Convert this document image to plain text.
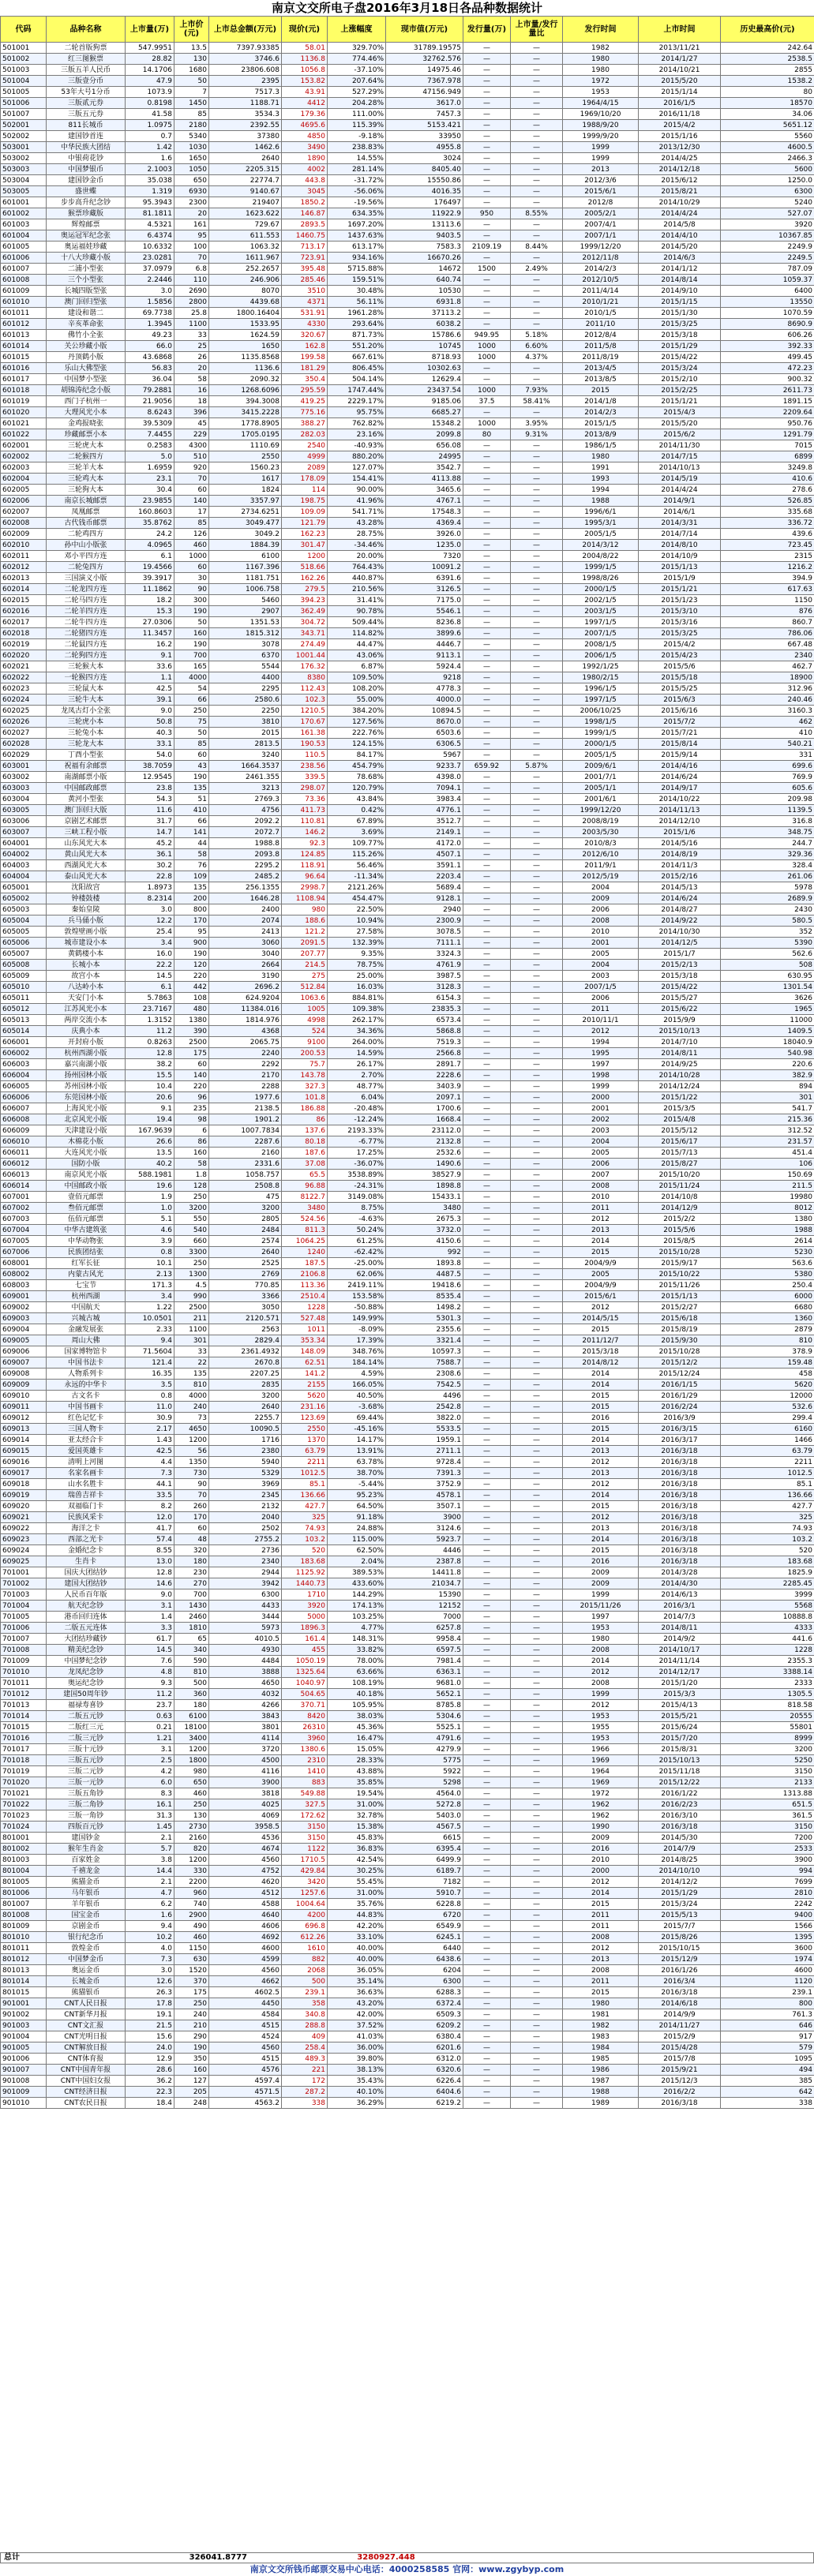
南京文交所电子盘2016年3月18日各品种数据统计
代码	品种名称	上市量(万)	上市价(元)	上市总金额(万元)	现价(元)	上涨幅度	现市值(万元)	发行量(万)	上市量/发行量比	发行时间	上市时间	历史最高价(元)
501001	二轮首版狗票	547.9951	13.5	7397.93385	58.01	329.70%	31789.19575	—	—	1982	2013/11/21	242.64
501002	红三图猴票	28.82	130	3746.6	1136.8	774.46%	32762.576	—	—	1980	2014/1/27	2538.5
501003	三版五羊人民币	14.1706	1680	23806.608	1056.8	-37.10%	14975.46	—	—	1980	2014/10/21	2855
501004	三版壹分币	47.9	50	2395	153.82	207.64%	7367.978	—	—	1972	2015/5/20	1538.2
501005	53年大号1分币	1073.9	7	7517.3	43.91	527.29%	47156.949	—	—	1953	2015/1/14	80
501006	三版贰元券	0.8198	1450	1188.71	4412	204.28%	3617.0	—	—	1964/4/15	2016/1/5	18570
501007	三版五元券	41.58	85	3534.3	179.36	111.00%	7457.3	—	—	1969/10/20	2016/11/18	34.06
502001	811长城币	1.0975	2180	2392.55	4695.6	115.39%	5153.421	—	—	1988/9/20	2015/4/2	5651.12
502002	建国钞首连	0.7	5340	37380	4850	-9.18%	33950	—	—	1999/9/20	2015/1/16	5560
503001	中华民族大团结	1.42	1030	1462.6	3490	238.83%	4955.8	—	—	1999	2013/12/30	4600.5
503002	中银荷花钞	1.6	1650	2640	1890	14.55%	3024	—	—	1999	2014/4/25	2466.3
503003	中国梦银币	2.1003	1050	2205.315	4002	281.14%	8405.40	—	—	2013	2014/12/18	5600
503004	建国钞金币	35.038	650	22774.7	443.8	-31.72%	15550.86	—	—	2012/3/6	2015/6/12	1250.0
503005	盛世蝶	1.319	6930	9140.67	3045	-56.06%	4016.35	—	—	2015/6/1	2015/8/21	6300
601001	步步高升纪念钞	95.3943	2300	219407	1850.2	-19.56%	176497	—	—	2012/8	2014/10/29	5240
601002	猴票珍藏版	81.1811	20	1623.622	146.87	634.35%	11922.9	950	8.55%	2005/2/1	2014/4/24	527.07
601003	辉煌邮票	4.5321	161	729.67	2893.5	1697.20%	13113.6	—	—	2007/4/1	2014/5/8	3920
601004	奥运冠军纪念张	6.4374	95	611.553	1460.75	1437.63%	9403.5	—	—	2007/1/1	2014/4/10	10367.85
601005	奥运福娃珍藏	10.6332	100	1063.32	713.17	613.17%	7583.3	2109.19	8.44%	1999/12/20	2014/5/20	2249.9
601006	十八大珍藏小版	23.0281	70	1611.967	723.91	934.16%	16670.26	—	—	2012/11/8	2014/6/3	2249.5
601007	二浦小型张	37.0979	6.8	252.2657	395.48	5715.88%	14672	1500	2.49%	2014/2/3	2014/1/12	787.09
601008	三个小型张	2.2446	110	246.906	285.46	159.51%	640.74	—	—	2012/10/5	2014/8/14	1059.37
601009	长城四版型张	3.0	2690	8070	3510	30.48%	10530	—	—	2011/4/14	2014/9/10	6400
601010	澳门回归型张	1.5856	2800	4439.68	4371	56.11%	6931.8	—	—	2010/1/21	2015/1/15	13550
601011	建设和谐二	69.7738	25.8	1800.16404	531.91	1961.28%	37113.2	—	—	2010/1/5	2015/1/30	1070.59
601012	辛亥革命张	1.3945	1100	1533.95	4330	293.64%	6038.2	—	—	2011/10	2015/3/25	8690.9
601013	佛竹小全张	49.23	33	1624.59	320.67	871.73%	15786.6	949.95	5.18%	2012/8/4	2015/3/18	606.26
601014	关公珍藏小版	66.0	25	1650	162.8	551.20%	10745	1000	6.60%	2011/5/8	2015/1/29	392.33
601015	丹顶鹤小版	43.6868	26	1135.8568	199.58	667.61%	8718.93	1000	4.37%	2011/8/19	2015/4/22	499.45
601016	乐山大佛型张	56.83	20	1136.6	181.29	806.45%	10302.63	—	—	2013/4/5	2015/3/24	472.23
601017	中国梦小型张	36.04	58	2090.32	350.4	504.14%	12629.4	—	—	2013/8/5	2015/2/10	900.32
601018	胡锦涛纪念小版	79.2881	16	1268.6096	295.59	1747.44%	23437.54	1000	7.93%	2015	2015/2/25	2611.73
601019	西门子杭州一	21.9056	18	394.3008	419.25	2229.17%	9185.06	37.5	58.41%	2014/1/8	2015/1/21	1891.15
601020	大理风光小本	8.6243	396	3415.2228	775.16	95.75%	6685.27	—	—	2014/2/3	2015/4/3	2209.64
601021	金鸡报晓张	39.5309	45	1778.8905	388.27	762.82%	15348.2	1000	3.95%	2015/1/5	2015/5/20	950.76
601022	珍藏邮票小本	7.4455	229	1705.0195	282.03	23.16%	2099.8	80	9.31%	2013/8/9	2015/6/2	1291.79
602001	三轮虎大本	0.2583	4300	1110.69	2540	-40.93%	656.08	—	—	1986/1/5	2014/11/30	7015
602002	二轮猴四方	5.0	510	2550	4999	880.20%	24995	—	—	1980	2014/7/15	6899
602003	三轮羊大本	1.6959	920	1560.23	2089	127.07%	3542.7	—	—	1991	2014/10/13	3249.8
602004	三轮鸡大本	23.1	70	1617	178.09	154.41%	4113.88	—	—	1993	2014/5/19	410.6
602005	三轮狗大本	30.4	60	1824	114	90.00%	3465.6	—	—	1994	2014/4/24	278.6
602006	南京长城邮票	23.9855	140	3357.97	198.75	41.96%	4767.1	—	—	1988	2014/9/1	526.85
602007	凤凰邮票	160.8603	17	2734.6251	109.09	541.71%	17548.3	—	—	1996/6/1	2014/6/1	335.68
602008	古代钱币邮票	35.8762	85	3049.477	121.79	43.28%	4369.4	—	—	1995/3/1	2014/3/31	336.72
602009	二轮鸡四方	24.2	126	3049.2	162.23	28.75%	3926.0	—	—	2005/1/5	2014/7/14	439.6
602010	孙中山小版张	4.0965	460	1884.39	301.47	-34.46%	1235.0	—	—	2014/3/12	2014/8/10	723.45
602011	邓小平四方连	6.1	1000	6100	1200	20.00%	7320	—	—	2004/8/22	2014/10/9	2315
602012	二轮兔四方	19.4566	60	1167.396	518.66	764.43%	10091.2	—	—	1999/1/5	2015/1/13	1216.2
602013	三国演义小版	39.3917	30	1181.751	162.26	440.87%	6391.6	—	—	1998/8/26	2015/1/9	394.9
602014	二轮龙四方连	11.1862	90	1006.758	279.5	210.56%	3126.5	—	—	2000/1/5	2015/1/21	617.63
602015	二轮马四方连	18.2	300	5460	394.23	31.41%	7175.0	—	—	2002/1/5	2015/1/23	1150
602016	二轮羊四方连	15.3	190	2907	362.49	90.78%	5546.1	—	—	2003/1/5	2015/3/10	876
602017	二轮牛四方连	27.0306	50	1351.53	304.72	509.44%	8236.8	—	—	1997/1/5	2015/3/16	860.7
602018	二轮猪四方连	11.3457	160	1815.312	343.71	114.82%	3899.6	—	—	2007/1/5	2015/3/25	786.06
602019	二轮鼠四方连	16.2	190	3078	274.49	44.47%	4446.7	—	—	2008/1/5	2015/4/2	667.48
602020	二轮狗四方连	9.1	700	6370	1001.44	43.06%	9113.1	—	—	2006/1/5	2015/4/23	2340
602021	三轮猴大本	33.6	165	5544	176.32	6.87%	5924.4	—	—	1992/1/25	2015/5/6	462.7
602022	一轮猴四方连	1.1	4000	4400	8380	109.50%	9218	—	—	1980/2/15	2015/5/18	18900
602023	三轮鼠大本	42.5	54	2295	112.43	108.20%	4778.3	—	—	1996/1/5	2015/5/25	312.96
602024	三轮牛大本	39.1	66	2580.6	102.3	55.00%	4000.0	—	—	1997/1/5	2015/6/3	240.46
602025	龙凤古灯小全张	9.0	250	2250	1210.5	384.20%	10894.5	—	—	2006/10/25	2015/6/16	3160.3
602026	三轮虎小本	50.8	75	3810	170.67	127.56%	8670.0	—	—	1998/1/5	2015/7/2	462
602027	三轮兔小本	40.3	50	2015	161.38	222.76%	6503.6	—	—	1999/1/5	2015/7/21	410
602028	三轮龙大本	33.1	85	2813.5	190.53	124.15%	6306.5	—	—	2000/1/5	2015/8/14	540.21
602029	丁酉小型张	54.0	60	3240	110.5	84.17%	5967	—	—	2005/1/5	2015/9/14	331
603001	祝福有余邮票	38.7059	43	1664.3537	238.56	454.79%	9233.7	659.92	5.87%	2009/6/1	2014/4/16	699.6
603002	南湖邮票小版	12.9545	190	2461.355	339.5	78.68%	4398.0	—	—	2001/7/1	2014/6/24	769.9
603003	中国邮政邮票	23.8	135	3213	298.07	120.79%	7094.1	—	—	2005/1/1	2014/9/17	605.6
603004	黄河小型张	54.3	51	2769.3	73.36	43.84%	3983.4	—	—	2001/6/1	2014/10/22	209.98
603005	澳门回归大版	11.6	410	4756	411.73	0.42%	4776.1	—	—	1999/12/20	2014/11/13	1139.5
603006	京剧艺术邮票	31.7	66	2092.2	110.81	67.89%	3512.7	—	—	2008/8/19	2014/12/10	316.8
603007	三峡工程小版	14.7	141	2072.7	146.2	3.69%	2149.1	—	—	2003/5/30	2015/1/6	348.75
604001	山东风光大本	45.2	44	1988.8	92.3	109.77%	4172.0	—	—	2010/8/3	2014/5/16	244.7
604002	黄山风光大本	36.1	58	2093.8	124.85	115.26%	4507.1	—	—	2012/6/10	2014/8/19	329.36
604003	西湖风光大本	30.2	76	2295.2	118.91	56.46%	3591.1	—	—	2011/9/1	2014/11/3	328.4
604004	泰山风光大本	22.8	109	2485.2	96.64	-11.34%	2203.4	—	—	2012/5/19	2015/2/16	261.06
605001	沈阳故宫	1.8973	135	256.1355	2998.7	2121.26%	5689.4	—	—	2004	2014/5/13	5978
605002	钟楼鼓楼	8.2314	200	1646.28	1108.94	454.47%	9128.1	—	—	2009	2014/6/24	2689.9
605003	秦始皇陵	3.0	800	2400	980	22.50%	2940	—	—	2006	2014/8/27	2430
605004	兵马俑小版	12.2	170	2074	188.6	10.94%	2300.9	—	—	2008	2014/9/22	580.5
605005	敦煌壁画小版	25.4	95	2413	121.2	27.58%	3078.5	—	—	2010	2014/10/30	352
605006	城市建设小本	3.4	900	3060	2091.5	132.39%	7111.1	—	—	2001	2014/12/5	5390
605007	黄鹤楼小本	16.0	190	3040	207.77	9.35%	3324.3	—	—	2005	2015/1/7	562.6
605008	长城小本	22.2	120	2664	214.5	78.75%	4761.9	—	—	2004	2015/2/13	508
605009	故宫小本	14.5	220	3190	275	25.00%	3987.5	—	—	2003	2015/3/18	630.95
605010	八达岭小本	6.1	442	2696.2	512.84	16.03%	3128.3	—	—	2007/1/5	2015/4/22	1301.54
605011	天安门小本	5.7863	108	624.9204	1063.6	884.81%	6154.3	—	—	2006	2015/5/27	3626
605012	江苏风光小本	23.7167	480	11384.016	1005	109.38%	23835.3	—	—	2011	2015/6/22	1965
605013	两岸交流小本	1.3152	1380	1814.976	4998	262.17%	6573.4	—	—	2010/11/1	2015/9/9	11000
605014	庆典小本	11.2	390	4368	524	34.36%	5868.8	—	—	2012	2015/10/13	1409.5
606001	开封府小版	0.8263	2500	2065.75	9100	264.00%	7519.3	—	—	1994	2014/7/10	18040.9
606002	杭州西湖小版	12.8	175	2240	200.53	14.59%	2566.8	—	—	1995	2014/8/11	540.98
606003	嘉兴南湖小版	38.2	60	2292	75.7	26.17%	2891.7	—	—	1997	2014/9/25	220.6
606004	扬州园林小版	15.5	140	2170	143.78	2.70%	2228.6	—	—	1998	2014/10/28	382.9
606005	苏州园林小版	10.4	220	2288	327.3	48.77%	3403.9	—	—	1999	2014/12/24	894
606006	东莞园林小版	20.6	96	1977.6	101.8	6.04%	2097.1	—	—	2000	2015/1/22	301
606007	上海风光小版	9.1	235	2138.5	186.88	-20.48%	1700.6	—	—	2001	2015/3/5	541.7
606008	北京风光小版	19.4	98	1901.2	86	-12.24%	1668.4	—	—	2002	2015/4/8	215.36
606009	天津建设小版	167.9639	6	1007.7834	137.6	2193.33%	23112.0	—	—	2003	2015/5/12	312.52
606010	木棉花小版	26.6	86	2287.6	80.18	-6.77%	2132.8	—	—	2004	2015/6/17	231.57
606011	大连风光小版	13.5	160	2160	187.6	17.25%	2532.6	—	—	2005	2015/7/13	451.4
606012	国防小版	40.2	58	2331.6	37.08	-36.07%	1490.6	—	—	2006	2015/8/27	106
606013	南京风光小版	588.1981	1.8	1058.757	65.5	3538.89%	38527.9	—	—	2007	2015/10/20	150.69
606014	中国邮政小版	19.6	128	2508.8	96.88	-24.31%	1898.8	—	—	2008	2015/11/24	211.5
607001	壹佰元邮票	1.9	250	475	8122.7	3149.08%	15433.1	—	—	2010	2014/10/8	19980
607002	叁佰元邮票	1.0	3200	3200	3480	8.75%	3480	—	—	2011	2014/12/9	8012
607003	伍佰元邮票	5.1	550	2805	524.56	-4.63%	2675.3	—	—	2012	2015/2/2	1380
607004	中华古建筑张	4.6	540	2484	811.3	50.24%	3732.0	—	—	2013	2015/5/6	1988
607005	中华动物张	3.9	660	2574	1064.25	61.25%	4150.6	—	—	2014	2015/8/5	2614
607006	民族团结张	0.8	3300	2640	1240	-62.42%	992	—	—	2015	2015/10/28	5230
608001	红军长征	10.1	250	2525	187.5	-25.00%	1893.8	—	—	2004/9/9	2015/9/17	563.6
608002	内蒙古风光	2.13	1300	2769	2106.8	62.06%	4487.5	—	—	2005	2015/10/22	5380
608003	七宝节	171.3	4.5	770.85	113.36	2419.11%	19418.6	—	—	2004/9/9	2015/11/26	250.4
609001	杭州西湖	3.4	990	3366	2510.4	153.58%	8535.4	—	—	2015/6/1	2015/1/13	6000
609002	中国航天	1.22	2500	3050	1228	-50.88%	1498.2	—	—	2012	2015/2/27	6680
609003	兴城古城	10.0501	211	2120.571	527.48	149.99%	5301.3	—	—	2014/5/15	2015/6/18	1360
609004	金融发展张	2.33	1100	2563	1011	-8.09%	2355.6	—	—	2015	2015/8/19	2879
609005	周山大佛	9.4	301	2829.4	353.34	17.39%	3321.4	—	—	2011/12/7	2015/9/30	810
609006	国家博物馆卡	71.5604	33	2361.4932	148.09	348.76%	10597.3	—	—	2015/3/18	2015/10/28	378.9
609007	中国书法卡	121.4	22	2670.8	62.51	184.14%	7588.7	—	—	2014/8/12	2015/12/2	159.48
609008	人物系列卡	16.35	135	2207.25	141.2	4.59%	2308.6	—	—	2014	2015/12/24	458
609009	永远的中华卡	3.5	810	2835	2155	166.05%	7542.5	—	—	2014	2016/1/15	5620
609010	古文名卡	0.8	4000	3200	5620	40.50%	4496	—	—	2015	2016/1/29	12000
609011	中国书画卡	11.0	240	2640	231.16	-3.68%	2542.8	—	—	2015	2016/2/24	532.6
609012	红色记忆卡	30.9	73	2255.7	123.69	69.44%	3822.0	—	—	2016	2016/3/9	299.4
609013	三国人物卡	2.17	4650	10090.5	2550	-45.16%	5533.5	—	—	2015	2016/3/15	6160
609014	亚太经合卡	1.43	1200	1716	1370	14.17%	1959.1	—	—	2014	2016/3/17	1466
609015	爱国英雄卡	42.5	56	2380	63.79	13.91%	2711.1	—	—	2013	2016/3/18	63.79
609016	清明上河图	4.4	1350	5940	2211	63.78%	9728.4	—	—	2012	2016/3/18	2211
609017	名家名画卡	7.3	730	5329	1012.5	38.70%	7391.3	—	—	2013	2016/3/18	1012.5
609018	山水名胜卡	44.1	90	3969	85.1	-5.44%	3752.9	—	—	2012	2016/3/18	85.1
609019	瑞兽吉祥卡	33.5	70	2345	136.66	95.23%	4578.1	—	—	2014	2016/3/18	136.66
609020	双福临门卡	8.2	260	2132	427.7	64.50%	3507.1	—	—	2015	2016/3/18	427.7
609021	民族风采卡	12.0	170	2040	325	91.18%	3900	—	—	2012	2016/3/18	325
609022	海洋之卡	41.7	60	2502	74.93	24.88%	3124.6	—	—	2013	2016/3/18	74.93
609023	西部之光卡	57.4	48	2755.2	103.2	115.00%	5923.7	—	—	2014	2016/3/18	103.2
609024	金婚纪念卡	8.55	320	2736	520	62.50%	4446	—	—	2015	2016/3/18	520
609025	生肖卡	13.0	180	2340	183.68	2.04%	2387.8	—	—	2016	2016/3/18	183.68
701001	国庆大团结钞	12.8	230	2944	1125.92	389.53%	14411.8	—	—	2009	2014/3/28	1825.9
701002	建国大团结钞	14.6	270	3942	1440.73	433.60%	21034.7	—	—	2009	2014/4/30	2285.45
701003	人民币百年版	9.0	700	6300	1710	144.29%	15390	—	—	1999	2014/6/13	3999
701004	航天纪念钞	3.1	1430	4433	3920	174.13%	12152	—	—	2015/11/26	2016/3/1	5568
701005	港币回归连体	1.4	2460	3444	5000	103.25%	7000	—	—	1997	2014/7/3	10888.8
701006	二版五元连体	3.3	1810	5973	1896.3	4.77%	6257.8	—	—	1953	2014/8/11	4333
701007	大团结珍藏钞	61.7	65	4010.5	161.4	148.31%	9958.4	—	—	1980	2014/9/2	441.6
701008	精美纪念钞	14.5	340	4930	455	33.82%	6597.5	—	—	2008	2014/10/17	1228
701009	中国梦纪念钞	7.6	590	4484	1050.19	78.00%	7981.4	—	—	2014	2014/11/14	2355.3
701010	龙凤纪念钞	4.8	810	3888	1325.64	63.66%	6363.1	—	—	2012	2014/12/17	3388.14
701011	奥运纪念钞	9.3	500	4650	1040.97	108.19%	9681.0	—	—	2008	2015/1/20	2333
701012	建国50周年钞	11.2	360	4032	504.65	40.18%	5652.1	—	—	1999	2015/3/3	1305.5
701013	福禄寿喜钞	23.7	180	4266	370.71	105.95%	8785.8	—	—	2012	2015/4/13	818.58
701014	二版五元钞	0.63	6100	3843	8420	38.03%	5304.6	—	—	1953	2015/5/21	20555
701015	二版红三元	0.21	18100	3801	26310	45.36%	5525.1	—	—	1955	2015/6/24	55801
701016	二版三元钞	1.21	3400	4114	3960	16.47%	4791.6	—	—	1953	2015/7/20	8999
701017	三版十元钞	3.1	1200	3720	1380.6	15.05%	4279.9	—	—	1966	2015/8/31	3200
701018	三版五元钞	2.5	1800	4500	2310	28.33%	5775	—	—	1969	2015/10/13	5250
701019	三版二元钞	4.2	980	4116	1410	43.88%	5922	—	—	1964	2015/11/18	3150
701020	三版一元钞	6.0	650	3900	883	35.85%	5298	—	—	1969	2015/12/22	2133
701021	三版五角钞	8.3	460	3818	549.88	19.54%	4564.0	—	—	1972	2016/1/22	1313.88
701022	三版二角钞	16.1	250	4025	327.5	31.00%	5272.8	—	—	1962	2016/2/23	651.5
701023	三版一角钞	31.3	130	4069	172.62	32.78%	5403.0	—	—	1962	2016/3/10	361.5
701024	四版百元钞	1.45	2730	3958.5	3150	15.38%	4567.5	—	—	1990	2016/3/18	3150
801001	建国钞金	2.1	2160	4536	3150	45.83%	6615	—	—	2009	2014/5/30	7200
801002	猴年生肖金	5.7	820	4674	1122	36.83%	6395.4	—	—	2016	2014/7/9	2533
801003	百家姓金	3.8	1200	4560	1710.5	42.54%	6499.9	—	—	2010	2014/8/25	3900
801004	千禧龙金	14.4	330	4752	429.84	30.25%	6189.7	—	—	2000	2014/10/10	994
801005	熊猫金币	2.1	2200	4620	3420	55.45%	7182	—	—	2012	2014/12/2	7699
801006	马年银币	4.7	960	4512	1257.6	31.00%	5910.7	—	—	2014	2015/1/29	2810
801007	羊年银币	6.2	740	4588	1004.64	35.76%	6228.8	—	—	2015	2015/3/24	2242
801008	国宝金币	1.6	2900	4640	4200	44.83%	6720	—	—	2011	2015/5/13	9400
801009	京剧金币	9.4	490	4606	696.8	42.20%	6549.9	—	—	2011	2015/7/7	1566
801010	银行纪念币	10.2	460	4692	612.26	33.10%	6245.1	—	—	2008	2015/8/26	1395
801011	敦煌金币	4.0	1150	4600	1610	40.00%	6440	—	—	2012	2015/10/15	3600
801012	中国梦金币	7.3	630	4599	882	40.00%	6438.6	—	—	2013	2015/12/9	1974
801013	奥运金币	3.0	1520	4560	2068	36.05%	6204	—	—	2008	2016/1/26	4600
801014	长城金币	12.6	370	4662	500	35.14%	6300	—	—	2011	2016/3/4	1120
801015	熊猫银币	26.3	175	4602.5	239.1	36.63%	6288.3	—	—	2015	2016/3/18	239.1
901001	CNT人民日报	17.8	250	4450	358	43.20%	6372.4	—	—	1980	2014/6/18	800
901002	CNT新华月报	19.1	240	4584	340.8	42.00%	6509.3	—	—	1981	2014/9/9	761.3
901003	CNT文汇报	21.5	210	4515	288.8	37.52%	6209.2	—	—	1982	2014/11/27	646
901004	CNT光明日报	15.6	290	4524	409	41.03%	6380.4	—	—	1983	2015/2/9	917
901005	CNT解放日报	24.0	190	4560	258.4	36.00%	6201.6	—	—	1984	2015/4/28	579
901006	CNT体育报	12.9	350	4515	489.3	39.80%	6312.0	—	—	1985	2015/7/8	1095
901007	CNT中国青年报	28.6	160	4576	221	38.13%	6320.6	—	—	1986	2015/9/21	494
901008	CNT中国妇女报	36.2	127	4597.4	172	35.43%	6226.4	—	—	1987	2015/12/3	385
901009	CNT经济日报	22.3	205	4571.5	287.2	40.10%	6404.6	—	—	1988	2016/2/2	642
901010	CNT农民日报	18.4	248	4563.2	338	36.29%	6219.2	—	—	1989	2016/3/18	338
总计	326041.8777	3280927.448
南京文交所钱币邮票交易中心电话：4000258585 官网：www.zgybyp.com
